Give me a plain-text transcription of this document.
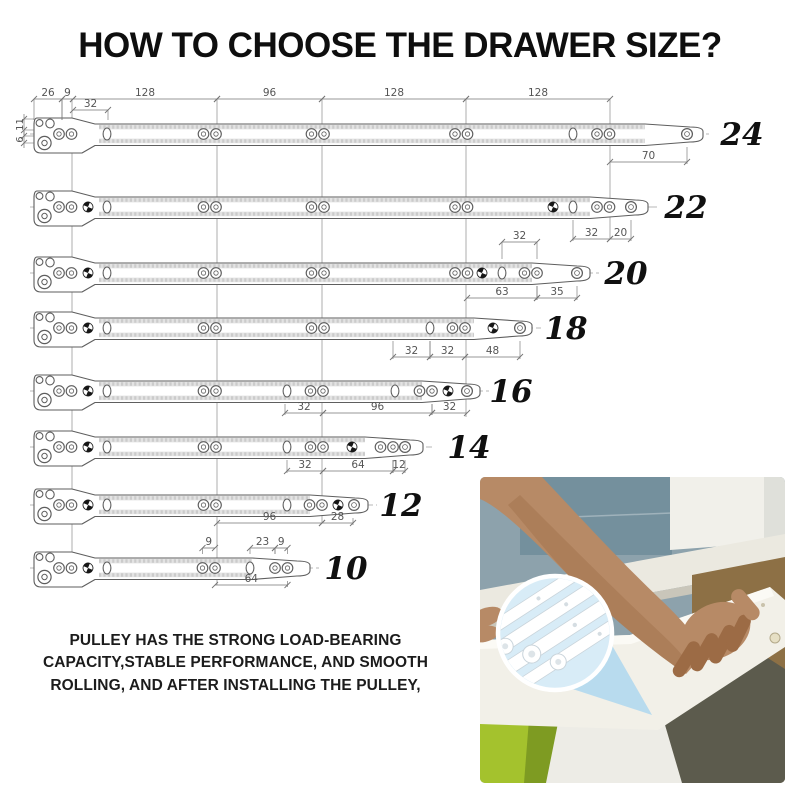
HOW TO CHOOSE THE DRAWER SIZE?
26 9	128	96	128	128
32
70
11
6	24
32 20
22
32
63	35 20
32 32	48
18
32	96	32 16
32	64	12 14
96	28 12
9	23 9
64 10
PULLEY HAS THE STRONG LOAD-BEARING
CAPACITY,STABLE PERFORMANCE, AND SMOOTH
ROLLING, AND AFTER INSTALLING THE PULLEY,
